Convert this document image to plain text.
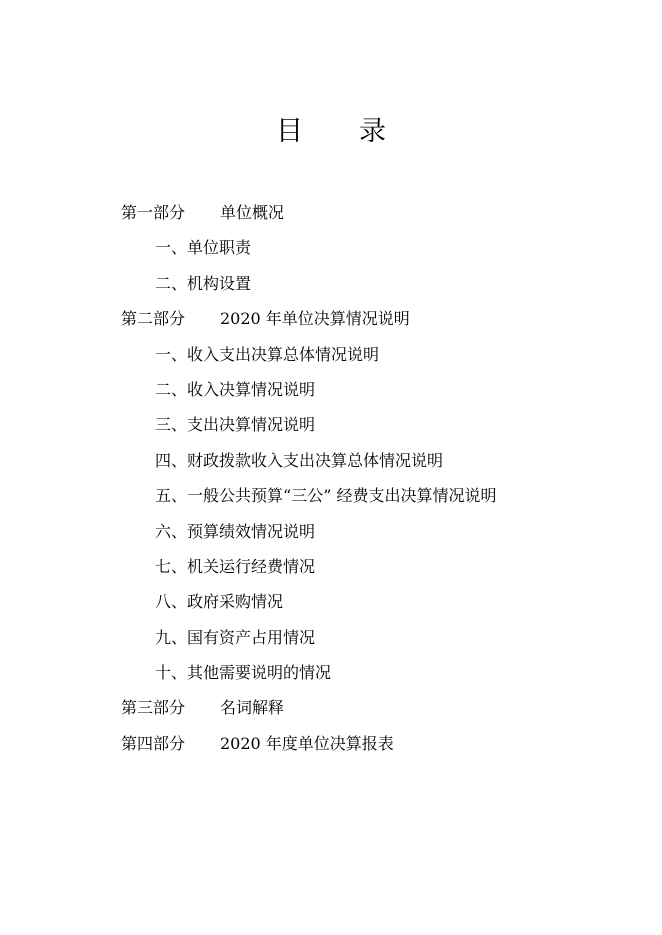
目 录
第一部分 单位概况
一、单位职责
二、机构设置
第二部分 2020 年单位决算情况说明
一、收入支出决算总体情况说明
二、收入决算情况说明
三、支出决算情况说明
四、财政拨款收入支出决算总体情况说明
五、一般公共预算“三公” 经费支出决算情况说明
六、预算绩效情况说明
七、机关运行经费情况
八、政府采购情况
九、国有资产占用情况
十、其他需要说明的情况
第三部分 名词解释
第四部分 2020 年度单位决算报表
